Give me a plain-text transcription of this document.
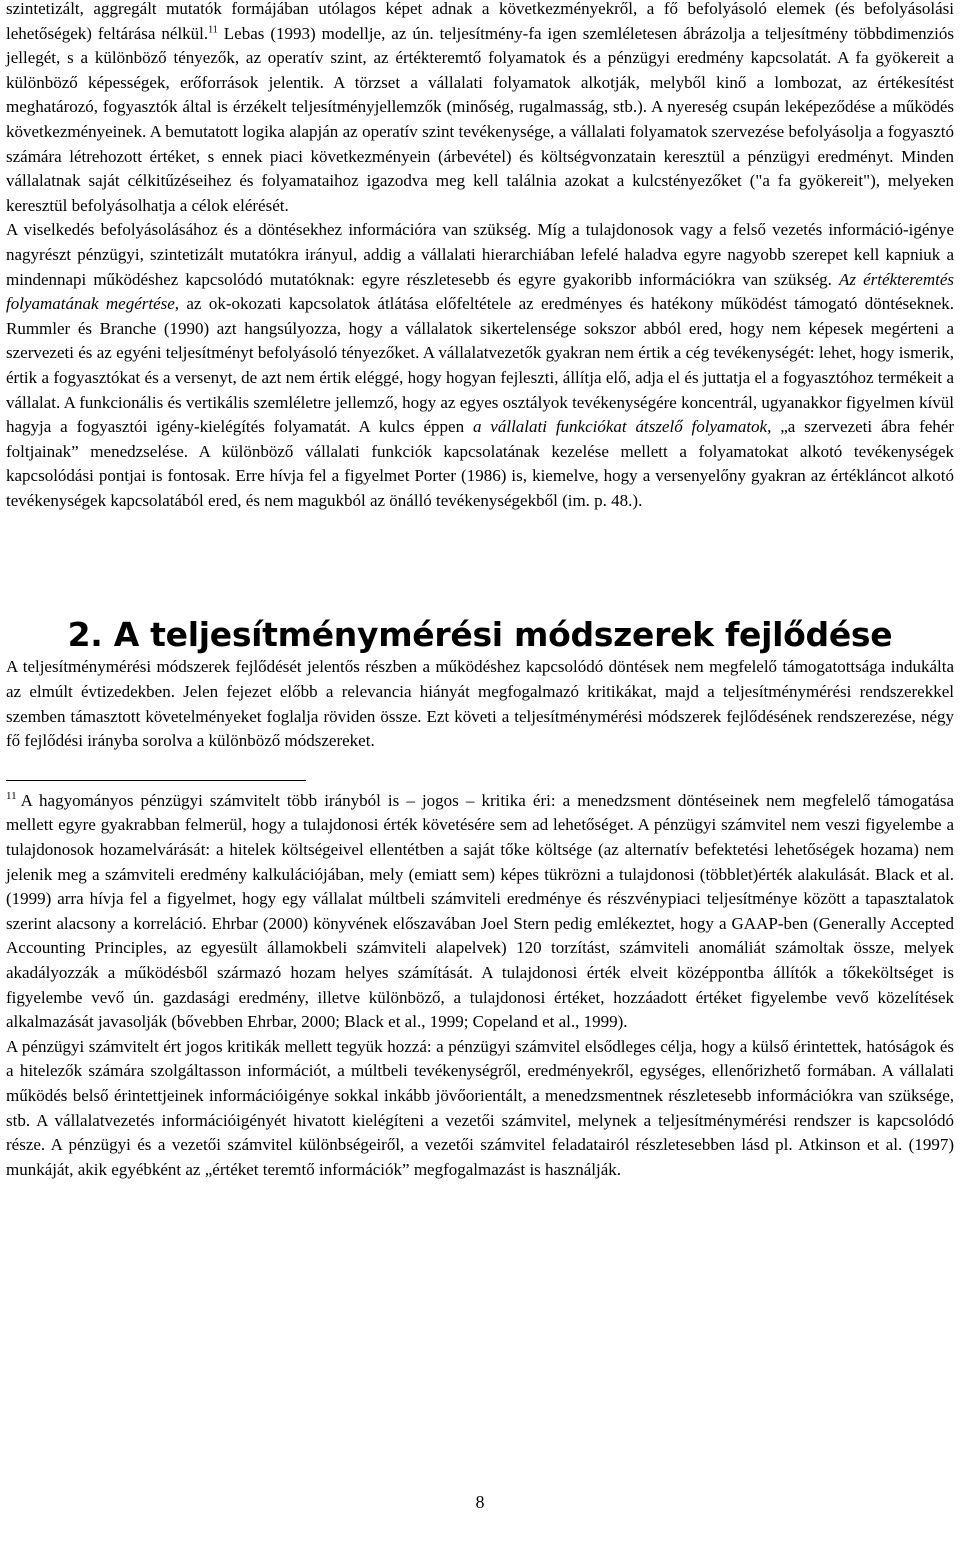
szintetizált, aggregált mutatók formájában utólagos képet adnak a következményekről, a fő befolyásoló elemek (és befolyásolási lehetőségek) feltárása nélkül.$^{11}$ Lebas (1993) modellje, az ún. teljesítmény-fa igen szemléletesen ábrázolja a teljesítmény többdimenziós jellegét, s a különböző tényezők, az operatív szint, az értékteremtő folyamatok és a pénzügyi eredmény kapcsolatát. A fa gyökereit a különböző képességek, erőforrások jelentik. A törzset a vállalati folyamatok alkotják, melyből kinő a lombozat, az értékesítést meghatározó, fogyasztók által is érzékelt teljesítményjellemzők (minőség, rugalmasság, stb.). A nyereség csupán leképeződése a működés következményeinek. A bemutatott logika alapján az operatív szint tevékenysége, a vállalati folyamatok szervezése befolyásolja a fogyasztó számára létrehozott értéket, s ennek piaci következményein (árbevétel) és költségvonzatain keresztül a pénzügyi eredményt. Minden vállalatnak saját célkitűzéseihez és folyamataihoz igazodva meg kell találnia azokat a kulcstényezőket ("a fa gyökereit"), melyeken keresztül befolyásolhatja a célok elérését.

A viselkedés befolyásolásához és a döntésekhez információra van szükség. Míg a tulajdonosok vagy a felső vezetés információ-igénye nagyrészt pénzügyi, szintetizált mutatókra irányul, addig a vállalati hierarchiában lefelé haladva egyre nagyobb szerepet kell kapniuk a mindennapi működéshez kapcsolódó mutatóknak: egyre részletesebb és egyre gyakoribb információkra van szükség. Az értékteremtés folyamatának megértése, az ok-okozati kapcsolatok átlátása előfeltétele az eredményes és hatékony működést támogató döntéseknek. Rummler és Branche (1990) azt hangsúlyozza, hogy a vállalatok sikertelensége sokszor abból ered, hogy nem képesek megérteni a szervezeti és az egyéni teljesítményt befolyásoló tényezőket. A vállalatvezetők gyakran nem értik a cég tevékenységét: lehet, hogy ismerik, értik a fogyasztókat és a versenyt, de azt nem értik eléggé, hogy hogyan fejleszti, állítja elő, adja el és juttatja el a fogyasztóhoz termékeit a vállalat. A funkcionális és vertikális szemléletre jellemző, hogy az egyes osztályok tevékenységére koncentrál, ugyanakkor figyelmen kívül hagyja a fogyasztói igény-kielégítés folyamatát. A kulcs éppen a vállalati funkciókat átszelő folyamatok, „a szervezeti ábra fehér foltjainak” menedzselése. A különböző vállalati funkciók kapcsolatának kezelése mellett a folyamatokat alkotó tevékenységek kapcsolódási pontjai is fontosak. Erre hívja fel a figyelmet Porter (1986) is, kiemelve, hogy a versenyelőny gyakran az értékláncot alkotó tevékenységek kapcsolatából ered, és nem magukból az önálló tevékenységekből (im. p. 48.).

2. A teljesítménymérési módszerek fejlődése

A teljesítménymérési módszerek fejlődését jelentős részben a működéshez kapcsolódó döntések nem megfelelő támogatottsága indukálta az elmúlt évtizedekben. Jelen fejezet előbb a relevancia hiányát megfogalmazó kritikákat, majd a teljesítménymérési rendszerekkel szemben támasztott követelményeket foglalja röviden össze. Ezt követi a teljesítménymérési módszerek fejlődésének rendszerezése, négy fő fejlődési irányba sorolva a különböző módszereket.

$^{11}$ A hagyományos pénzügyi számvitelt több irányból is – jogos – kritika éri: a menedzsment döntéseinek nem megfelelő támogatása mellett egyre gyakrabban felmerül, hogy a tulajdonosi érték követésére sem ad lehetőséget. A pénzügyi számvitel nem veszi figyelembe a tulajdonosok hozamelvárását: a hitelek költségeivel ellentétben a saját tőke költsége (az alternatív befektetési lehetőségek hozama) nem jelenik meg a számviteli eredmény kalkulációjában, mely (emiatt sem) képes tükrözni a tulajdonosi (többlet)érték alakulását. Black et al. (1999) arra hívja fel a figyelmet, hogy egy vállalat múltbeli számviteli eredménye és részvénypiaci teljesítménye között a tapasztalatok szerint alacsony a korreláció. Ehrbar (2000) könyvének előszavában Joel Stern pedig emlékeztet, hogy a GAAP-ben (Generally Accepted Accounting Principles, az egyesült államokbeli számviteli alapelvek) 120 torzítást, számviteli anomáliát számoltak össze, melyek akadályozzák a működésből származó hozam helyes számítását. A tulajdonosi érték elveit középpontba állítók a tőkeköltséget is figyelembe vevő ún. gazdasági eredmény, illetve különböző, a tulajdonosi értéket, hozzáadott értéket figyelembe vevő közelítések alkalmazását javasolják (bővebben Ehrbar, 2000; Black et al., 1999; Copeland et al., 1999).

A pénzügyi számvitelt ért jogos kritikák mellett tegyük hozzá: a pénzügyi számvitel elsődleges célja, hogy a külső érintettek, hatóságok és a hitelezők számára szolgáltasson információt, a múltbeli tevékenységről, eredményekről, egységes, ellenőrizhető formában. A vállalati működés belső érintettjeinek információigénye sokkal inkább jövőorientált, a menedzsmentnek részletesebb információkra van szüksége, stb. A vállalatvezetés információigényét hivatott kielégíteni a vezetői számvitel, melynek a teljesítménymérési rendszer is kapcsolódó része. A pénzügyi és a vezetői számvitel különbségeiről, a vezetői számvitel feladatairól részletesebben lásd pl. Atkinson et al. (1997) munkáját, akik egyébként az „értéket teremtő információk” megfogalmazást is használják.

8
